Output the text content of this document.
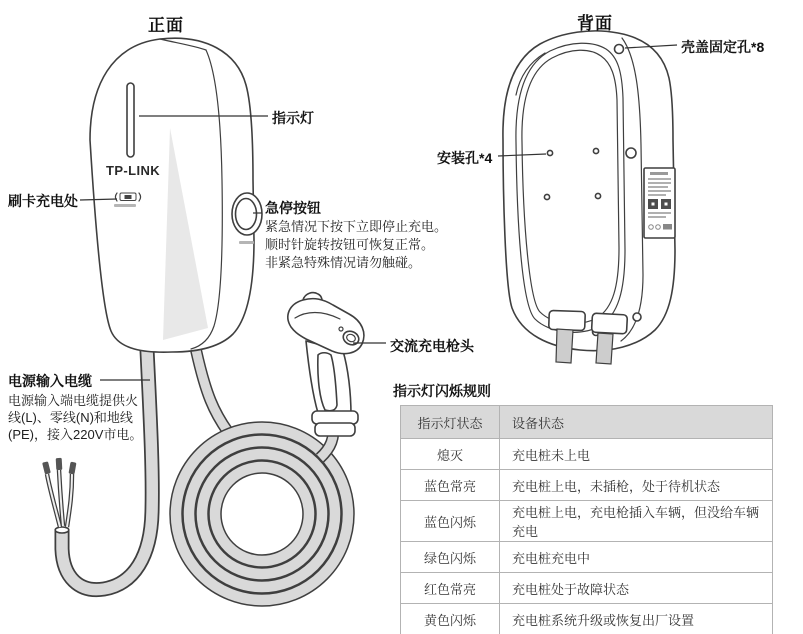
TP-LINK
正面	背面
指示灯
刷卡充电处	急停按钮
紧急情况下按下立即停止充电。
顺时针旋转按钮可恢复正常。
非紧急特殊情况请勿触碰。
交流充电枪头
电源输入电缆
电源输入端电缆提供火
线(L)、零线(N)和地线
(PE)，接入220V市电。
安装孔*4
壳盖固定孔*8
指示灯闪烁规则
指示灯状态	设备状态
熄灭	充电桩未上电
蓝色常亮	充电桩上电，未插枪，处于待机状态
蓝色闪烁	充电桩上电，充电枪插入车辆，但没给车辆充电
绿色闪烁	充电桩充电中
红色常亮	充电桩处于故障状态
黄色闪烁	充电桩系统升级或恢复出厂设置
